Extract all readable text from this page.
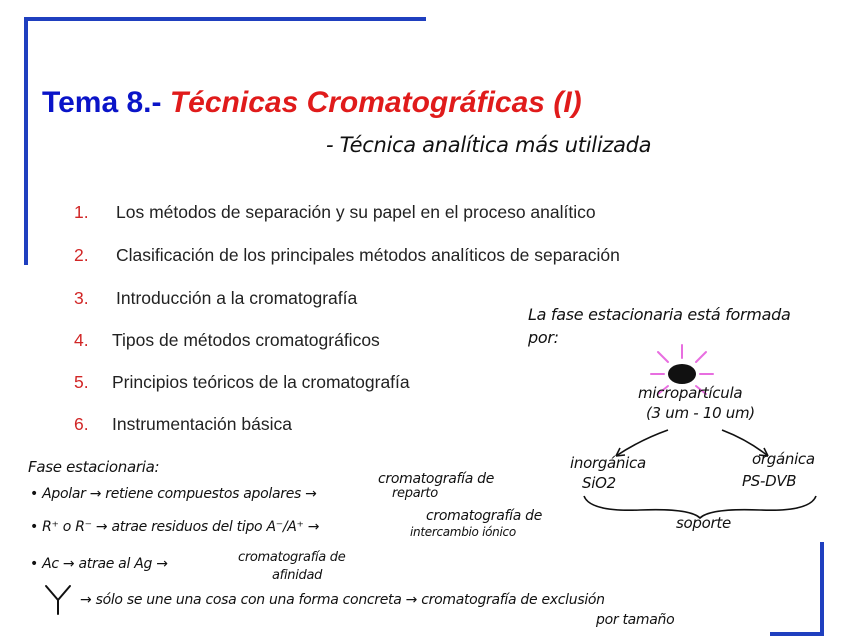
Tema 8.- Técnicas Cromatográficas (I)
- Técnica analítica más utilizada
1. Los métodos de separación y su papel en el proceso analítico
2. Clasificación de los principales métodos analíticos de separación
3. Introducción a la cromatografía
4. Tipos de métodos cromatográficos
5. Principios teóricos de la cromatografía
6. Instrumentación básica
La fase estacionaria está formada
por:
micropartícula
(3 um - 10 um)
inorgánica
SiO2
orgánica
PS-DVB
soporte
Fase estacionaria:
• Apolar → retiene compuestos apolares →
cromatografía de
reparto
• R⁺ o R⁻ → atrae residuos del tipo A⁻/A⁺ →
cromatografía de
intercambio iónico
• Ac → atrae al Ag →	cromatografía de
afinidad
→ sólo se une una cosa con una forma concreta → cromatografía de exclusión
por tamaño
